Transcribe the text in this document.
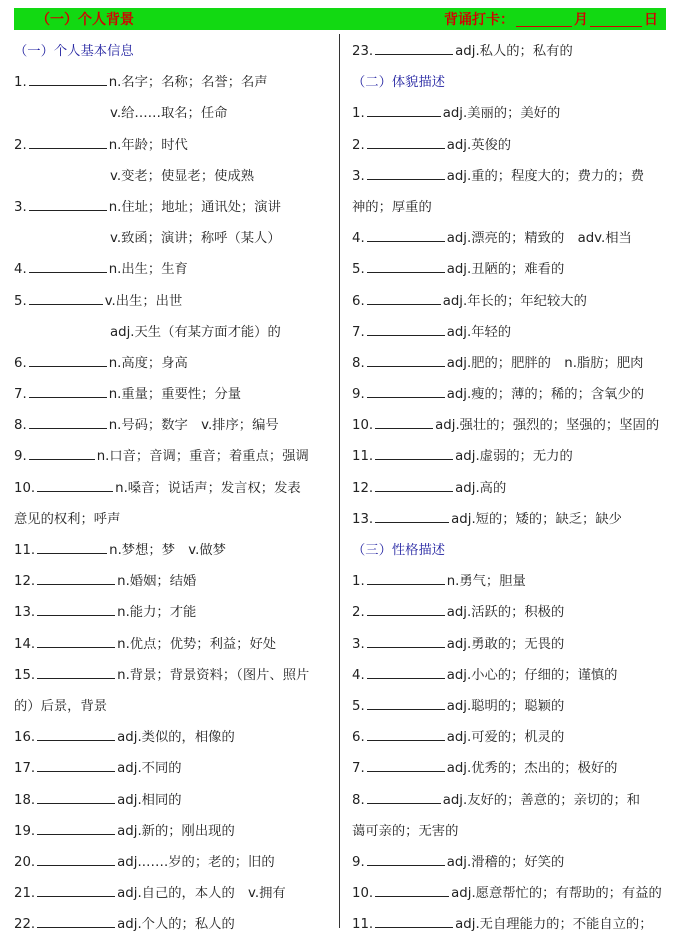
（一）个人背景	背诵打卡：	月	日
（一）个人基本信息
1.	n.名字；名称；名誉；名声
v.给……取名；任命
2.	n.年龄；时代
v.变老；使显老；使成熟
3.	n.住址；地址；通讯处；演讲
v.致函；演讲；称呼（某人）
4.	n.出生；生育
5.	v.出生；出世
adj.天生（有某方面才能）的
6.	n.高度；身高
7.	n.重量；重要性；分量
8.	n.号码；数字　v.排序；编号
9.	n.口音；音调；重音；着重点；强调
10.	n.嗓音；说话声；发言权；发表
意见的权利；呼声
11.	n.梦想；梦　v.做梦
12.	n.婚姻；结婚
13.	n.能力；才能
14.	n.优点；优势；利益；好处
15.	n.背景；背景资料；（图片、照片
的）后景，背景
16.	adj.类似的，相像的
17.	adj.不同的
18.	adj.相同的
19.	adj.新的；刚出现的
20.	adj.……岁的；老的；旧的
21.	adj.自己的，本人的　v.拥有
22.	adj.个人的；私人的
23.	adj.私人的；私有的
（二）体貌描述
1.	adj.美丽的；美好的
2.	adj.英俊的
3.	adj.重的；程度大的；费力的；费
神的；厚重的
4.	adj.漂亮的；精致的　adv.相当
5.	adj.丑陋的；难看的
6.	adj.年长的；年纪较大的
7.	adj.年轻的
8.	adj.肥的；肥胖的　n.脂肪；肥肉
9.	adj.瘦的；薄的；稀的；含氧少的
10.	adj.强壮的；强烈的；坚强的；坚固的
11.	adj.虚弱的；无力的
12.	adj.高的
13.	adj.短的；矮的；缺乏；缺少
（三）性格描述
1.	n.勇气；胆量
2.	adj.活跃的；积极的
3.	adj.勇敢的；无畏的
4.	adj.小心的；仔细的；谨慎的
5.	adj.聪明的；聪颖的
6.	adj.可爱的；机灵的
7.	adj.优秀的；杰出的；极好的
8.	adj.友好的；善意的；亲切的；和
蔼可亲的；无害的
9.	adj.滑稽的；好笑的
10.	adj.愿意帮忙的；有帮助的；有益的
11.	adj.无自理能力的；不能自立的；
